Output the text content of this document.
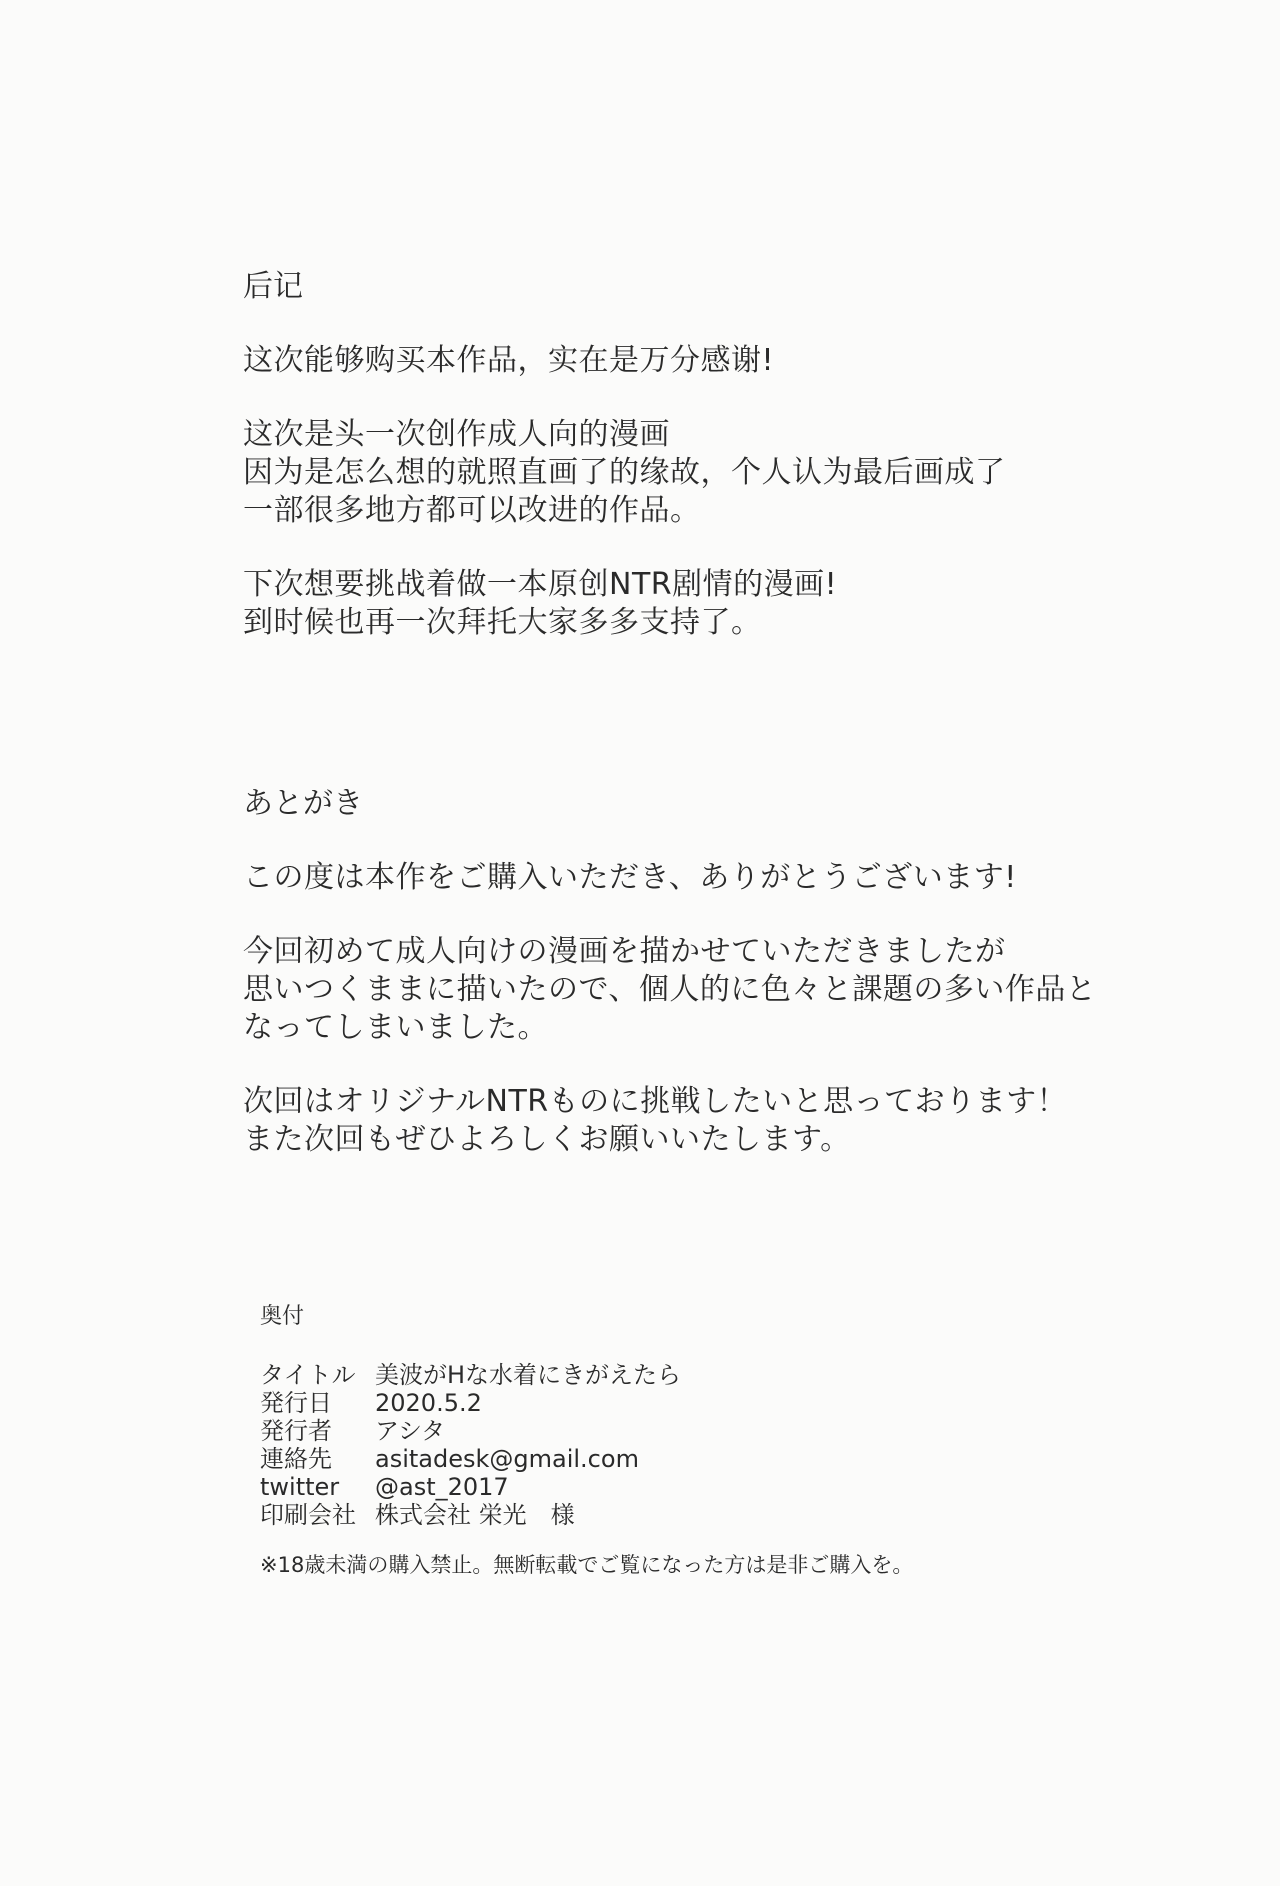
后记
这次能够购买本作品，实在是万分感谢!
这次是头一次创作成人向的漫画
因为是怎么想的就照直画了的缘故，个人认为最后画成了
一部很多地方都可以改进的作品。
下次想要挑战着做一本原创NTR剧情的漫画!
到时候也再一次拜托大家多多支持了。
あとがき
この度は本作をご購入いただき、ありがとうございます!
今回初めて成人向けの漫画を描かせていただきましたが
思いつくままに描いたので、個人的に色々と課題の多い作品と
なってしまいました。
次回はオリジナルNTRものに挑戦したいと思っております！
また次回もぜひよろしくお願いいたします。
奥付
タイトル 美波がHな水着にきがえたら
発行日	2020.5.2
発行者	アシタ
連絡先	asitadesk@gmail.com
twitter	@ast_2017
印刷会社 株式会社 栄光　様
※18歳未満の購入禁止。無断転載でご覧になった方は是非ご購入を。
